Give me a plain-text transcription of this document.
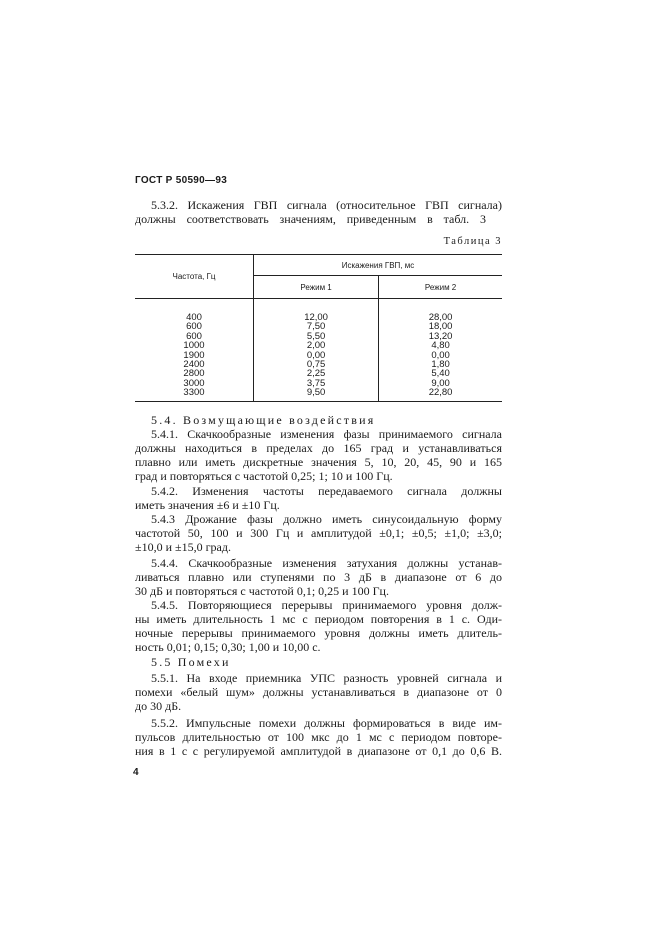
ГОСТ Р 50590—93
5.3.2. Искажения ГВП сигнала (относительное ГВП сигнала)
должны соответствовать значениям, приведенным в табл. 3
Таблица 3
Частота, Гц	Искажения ГВП, мс	
	Режим 1	Режим 2
400	12,00	28,00
600	7,50	18,00
600	5,50	13,20
1000	2,00	4,80
1900	0,00	0,00
2400	0,75	1,80
2800	2,25	5,40
3000	3,75	9,00
3300	9,50	22,80
5.4. Возмущающие воздействия
5.4.1. Скачкообразные изменения фазы принимаемого сигнала
должны находиться в пределах до 165 град и устанавливаться
плавно или иметь дискретные значения 5, 10, 20, 45, 90 и 165
град и повторяться с частотой 0,25; 1; 10 и 100 Гц.
5.4.2. Изменения частоты передаваемого сигнала должны
иметь значения ±6 и ±10 Гц.
5.4.3 Дрожание фазы должно иметь синусоидальную форму
частотой 50, 100 и 300 Гц и амплитудой ±0,1; ±0,5; ±1,0; ±3,0;
±10,0 и ±15,0 град.
5.4.4. Скачкообразные изменения затухания должны устанав-
ливаться плавно или ступенями по 3 дБ в диапазоне от 6 до
30 дБ и повторяться с частотой 0,1; 0,25 и 100 Гц.
5.4.5. Повторяющиеся перерывы принимаемого уровня долж-
ны иметь длительность 1 мс с периодом повторения в 1 с. Оди-
ночные перерывы принимаемого уровня должны иметь длитель-
ность 0,01; 0,15; 0,30; 1,00 и 10,00 с.
5.5 Помехи
5.5.1. На входе приемника УПС разность уровней сигнала и
помехи «белый шум» должны устанавливаться в диапазоне от 0
до 30 дБ.
5.5.2. Импульсные помехи должны формироваться в виде им-
пульсов длительностью от 100 мкс до 1 мс с периодом повторе-
ния в 1 с с регулируемой амплитудой в диапазоне от 0,1 до 0,6 В.
4
